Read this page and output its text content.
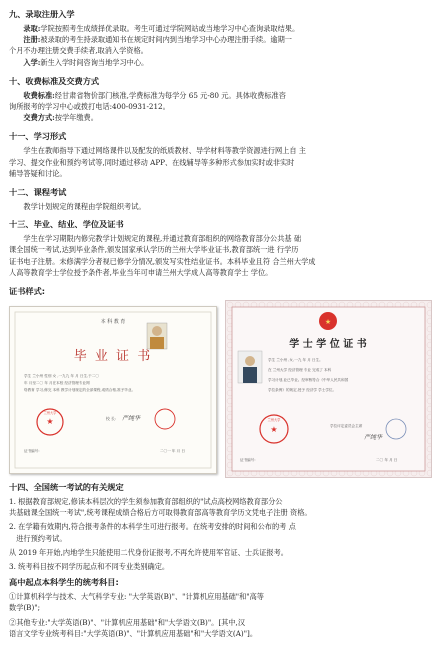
九、录取注册入学

录取:学院按照考生成绩择优录取。考生可通过学院网站或当地学习中心查询录取结果。

注册:被录取的考生持录取通知书在规定时间内到当地学习中心办理注册手续。逾期一

个月不办理注册交费手续者,取消入学资格。

入学:新生入学时间咨询当地学习中心。

十、收费标准及交费方式

收费标准:经甘肃省物价部门核准,学费标准为每学分 65 元-80 元。具体收费标准咨

询所报考的学习中心或拨打电话:400-0931-212。

交费方式:按学年缴费。

十一、学习形式

学生在教师指导下通过网络课件以及配发的纸质教材、导学材料等教学资源进行网上自 主

学习、提交作业和预约考试等,同时通过移动 APP、在线辅导等多种形式参加实时或非实时

辅导答疑和讨论。

十二、课程考试

教学计划规定的课程由学院组织考试。

十三、毕业、结业、学位及证书

学生在学习期限内修完教学计划规定的课程,并通过教育部组织的网络教育部分公共基 础

课全国统一考试,达到毕业条件,颁发国家承认学历的兰州大学毕业证书,教育部统一进 行学历

证书电子注册。未修满学分者视已修学分情况,颁发写实性结业证书。本科毕业且符 合兰州大学成

人高等教育学士学位授予条件者,毕业当年可申请兰州大学成人高等教育学士 学位。

证书样式:

本 科 教 育
毕 业 证 书
学生 兰小州 性别 女 ,一九九 年 月 日生,于二〇
年 月至二〇 年 月在本校 经济管理专业网
络教育 学习,修完 本科 教学计划规定的全部课程,成绩合格,准予毕业。
★
兰州大学
校 长: 严纯华
证书编号:	二〇一 年 月 日
★
学 士 学 位 证 书
学生 兰小州 ,女,一九 年 月 日生。
在 兰州大学 经济管理 专业 完成了 本科
学习计划,业已毕业。经审核符合《中华人民共和国
学位条例》的规定,授予 经济学 学士学位。
★
兰州大学
学位评定委员会主席
严纯华
证书编号:	二〇 年 月 日

十四、全国统一考试的有关规定

1. 根据教育部规定,修读本科层次的学生须参加教育部组织的"试点高校网络教育部分公

共基础课全国统一考试",统考课程成绩合格后方可取得教育部高等教育学历文凭电子注册 资格。

2. 在学籍有效期内,符合报考条件的本科学生可进行报考。在统考安排的时间和公布的考 点

进行预约考试。

从 2019 年开始,内地学生只能使用二代身份证报考,不再允许使用军官证、士兵证报考。

3. 统考科目按不同学历起点和不同专业类别确定。

高中起点本科学生的统考科目:

①计算机科学与技术、大气科学专业: "大学英语(B)"、"计算机应用基础"和"高等

数学(B)";

②其他专业:"大学英语(B)"、"计算机应用基础"和"大学语文(B)"。[其中,汉

语言文学专业统考科目:"大学英语(B)"、"计算机应用基础"和"大学语文(A)"]。
